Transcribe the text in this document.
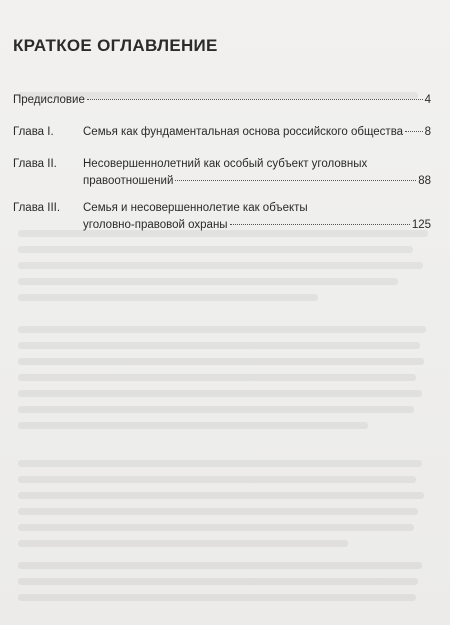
КРАТКОЕ ОГЛАВЛЕНИЕ
Предисловие	4
Глава I.	Семья как фундаментальная основа российского общества 8
Глава II.	Несовершеннолетний как особый субъект уголовных
правоотношений	88
Глава III.	Семья и несовершеннолетие как объекты
уголовно-правовой охраны	125
